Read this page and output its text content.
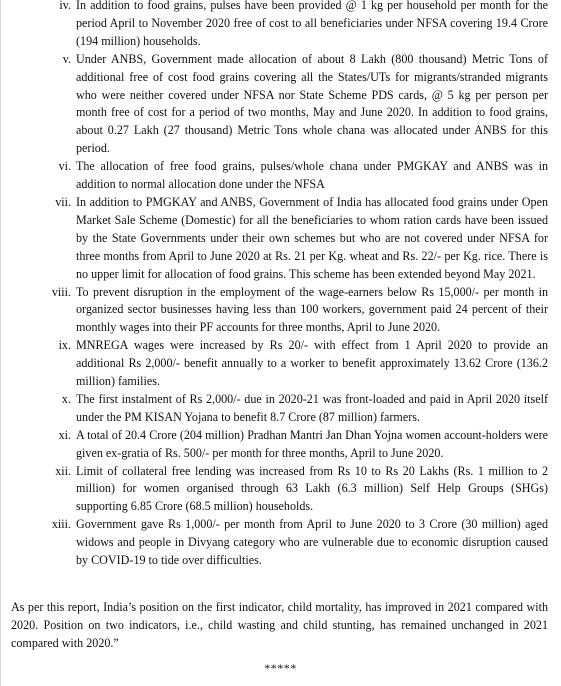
iv. In addition to food grains, pulses have been provided @ 1 kg per household per month for the period April to November 2020 free of cost to all beneficiaries under NFSA covering 19.4 Crore (194 million) households.
v. Under ANBS, Government made allocation of about 8 Lakh (800 thousand) Metric Tons of additional free of cost food grains covering all the States/UTs for migrants/stranded migrants who were neither covered under NFSA nor State Scheme PDS cards, @ 5 kg per person per month free of cost for a period of two months, May and June 2020. In addition to food grains, about 0.27 Lakh (27 thousand) Metric Tons whole chana was allocated under ANBS for this period.
vi. The allocation of free food grains, pulses/whole chana under PMGKAY and ANBS was in addition to normal allocation done under the NFSA
vii. In addition to PMGKAY and ANBS, Government of India has allocated food grains under Open Market Sale Scheme (Domestic) for all the beneficiaries to whom ration cards have been issued by the State Governments under their own schemes but who are not covered under NFSA for three months from April to June 2020 at Rs. 21 per Kg. wheat and Rs. 22/- per Kg. rice. There is no upper limit for allocation of food grains. This scheme has been extended beyond May 2021.
viii. To prevent disruption in the employment of the wage-earners below Rs 15,000/- per month in organized sector businesses having less than 100 workers, government paid 24 percent of their monthly wages into their PF accounts for three months, April to June 2020.
ix. MNREGA wages were increased by Rs 20/- with effect from 1 April 2020 to provide an additional Rs 2,000/- benefit annually to a worker to benefit approximately 13.62 Crore (136.2 million) families.
x. The first instalment of Rs 2,000/- due in 2020-21 was front-loaded and paid in April 2020 itself under the PM KISAN Yojana to benefit 8.7 Crore (87 million) farmers.
xi. A total of 20.4 Crore (204 million) Pradhan Mantri Jan Dhan Yojna women account-holders were given ex-gratia of Rs. 500/- per month for three months, April to June 2020.
xii. Limit of collateral free lending was increased from Rs 10 to Rs 20 Lakhs (Rs. 1 million to 2 million) for women organised through 63 Lakh (6.3 million) Self Help Groups (SHGs) supporting 6.85 Crore (68.5 million) households.
xiii. Government gave Rs 1,000/- per month from April to June 2020 to 3 Crore (30 million) aged widows and people in Divyang category who are vulnerable due to economic disruption caused by COVID-19 to tide over difficulties.

As per this report, India’s position on the first indicator, child mortality, has improved in 2021 compared with 2020. Position on two indicators, i.e., child wasting and child stunting, has remained unchanged in 2021 compared with 2020.”

*****
